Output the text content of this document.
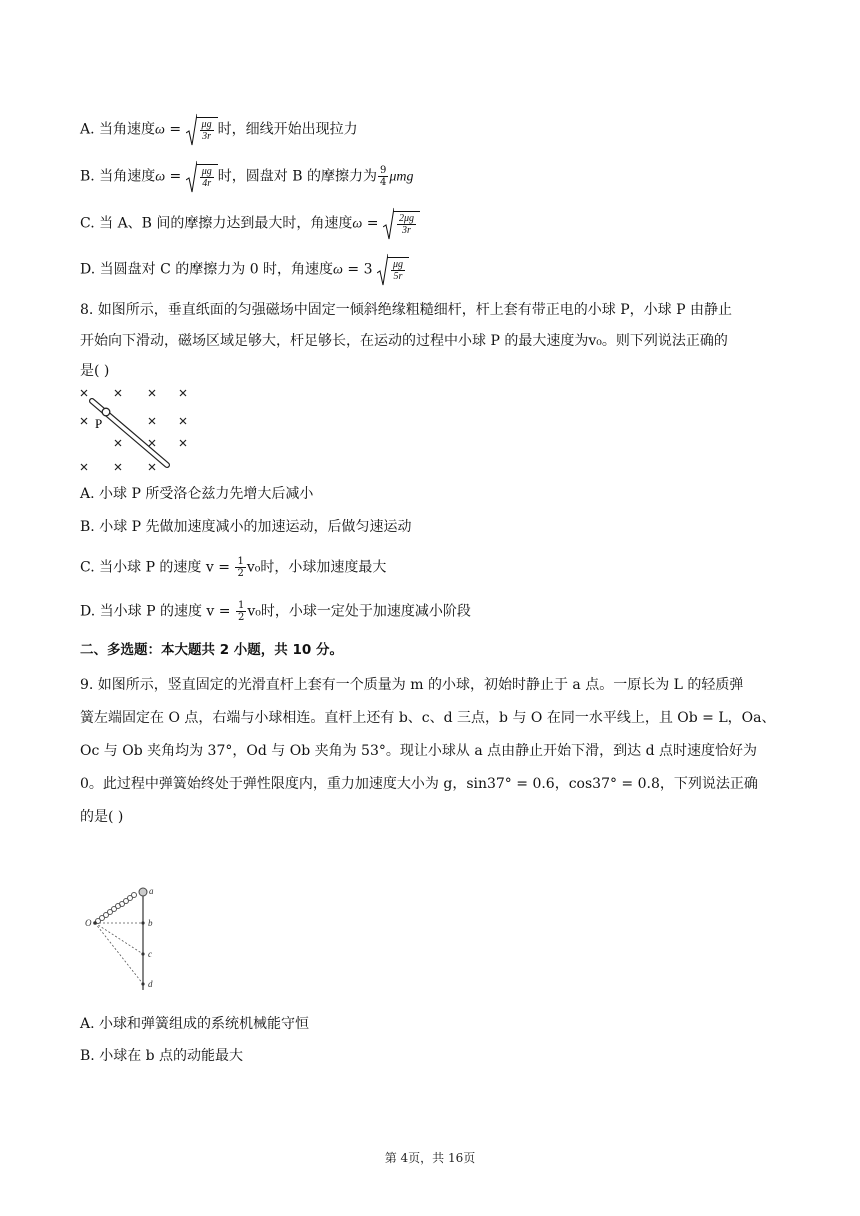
A. 当角速度$\omega = \frac{\mu g}{3r}$ 时，细线开始出现拉力
B. 当角速度$\omega = \frac{\mu g}{4r}$ 时，圆盘对 B 的摩擦力为 $\frac{9}{4}$ μmg
C. 当 A、B 间的摩擦力达到最大时，角速度$\omega = \frac{2\mu g}{3r}$
D. 当圆盘对 C 的摩擦力为 0 时，角速度$\omega = 3 \frac{\mu g}{5r}$
8. 如图所示，垂直纸面的匀强磁场中固定一倾斜绝缘粗糙细杆，杆上套有带正电的小球 P，小球 P 由静止
开始向下滑动，磁场区域足够大，杆足够长，在运动的过程中小球 P 的最大速度为v₀。则下列说法正确的
是( )
P
A. 小球 P 所受洛仑兹力先增大后减小
B. 小球 P 先做加速度减小的加速运动，后做匀速运动
C. 当小球 P 的速度 $v = \frac{1}{2} v_0$时，小球加速度最大
D. 当小球 P 的速度 $v = \frac{1}{2} v_0$时，小球一定处于加速度减小阶段
二、多选题：本大题共 2 小题，共 10 分。
9. 如图所示，竖直固定的光滑直杆上套有一个质量为 m 的小球，初始时静止于 a 点。一原长为 L 的轻质弹
簧左端固定在 O 点，右端与小球相连。直杆上还有 b、c、d 三点，b 与 O 在同一水平线上，且 Ob = L，Oa、
Oc 与 Ob 夹角均为 37°，Od 与 Ob 夹角为 53°。现让小球从 a 点由静止开始下滑，到达 d 点时速度恰好为
0。此过程中弹簧始终处于弹性限度内，重力加速度大小为 g，sin37° = 0.6，cos37° = 0.8，下列说法正确
的是( )
O
a
b
c
d
A. 小球和弹簧组成的系统机械能守恒
B. 小球在 b 点的动能最大
第 4页，共 16页
